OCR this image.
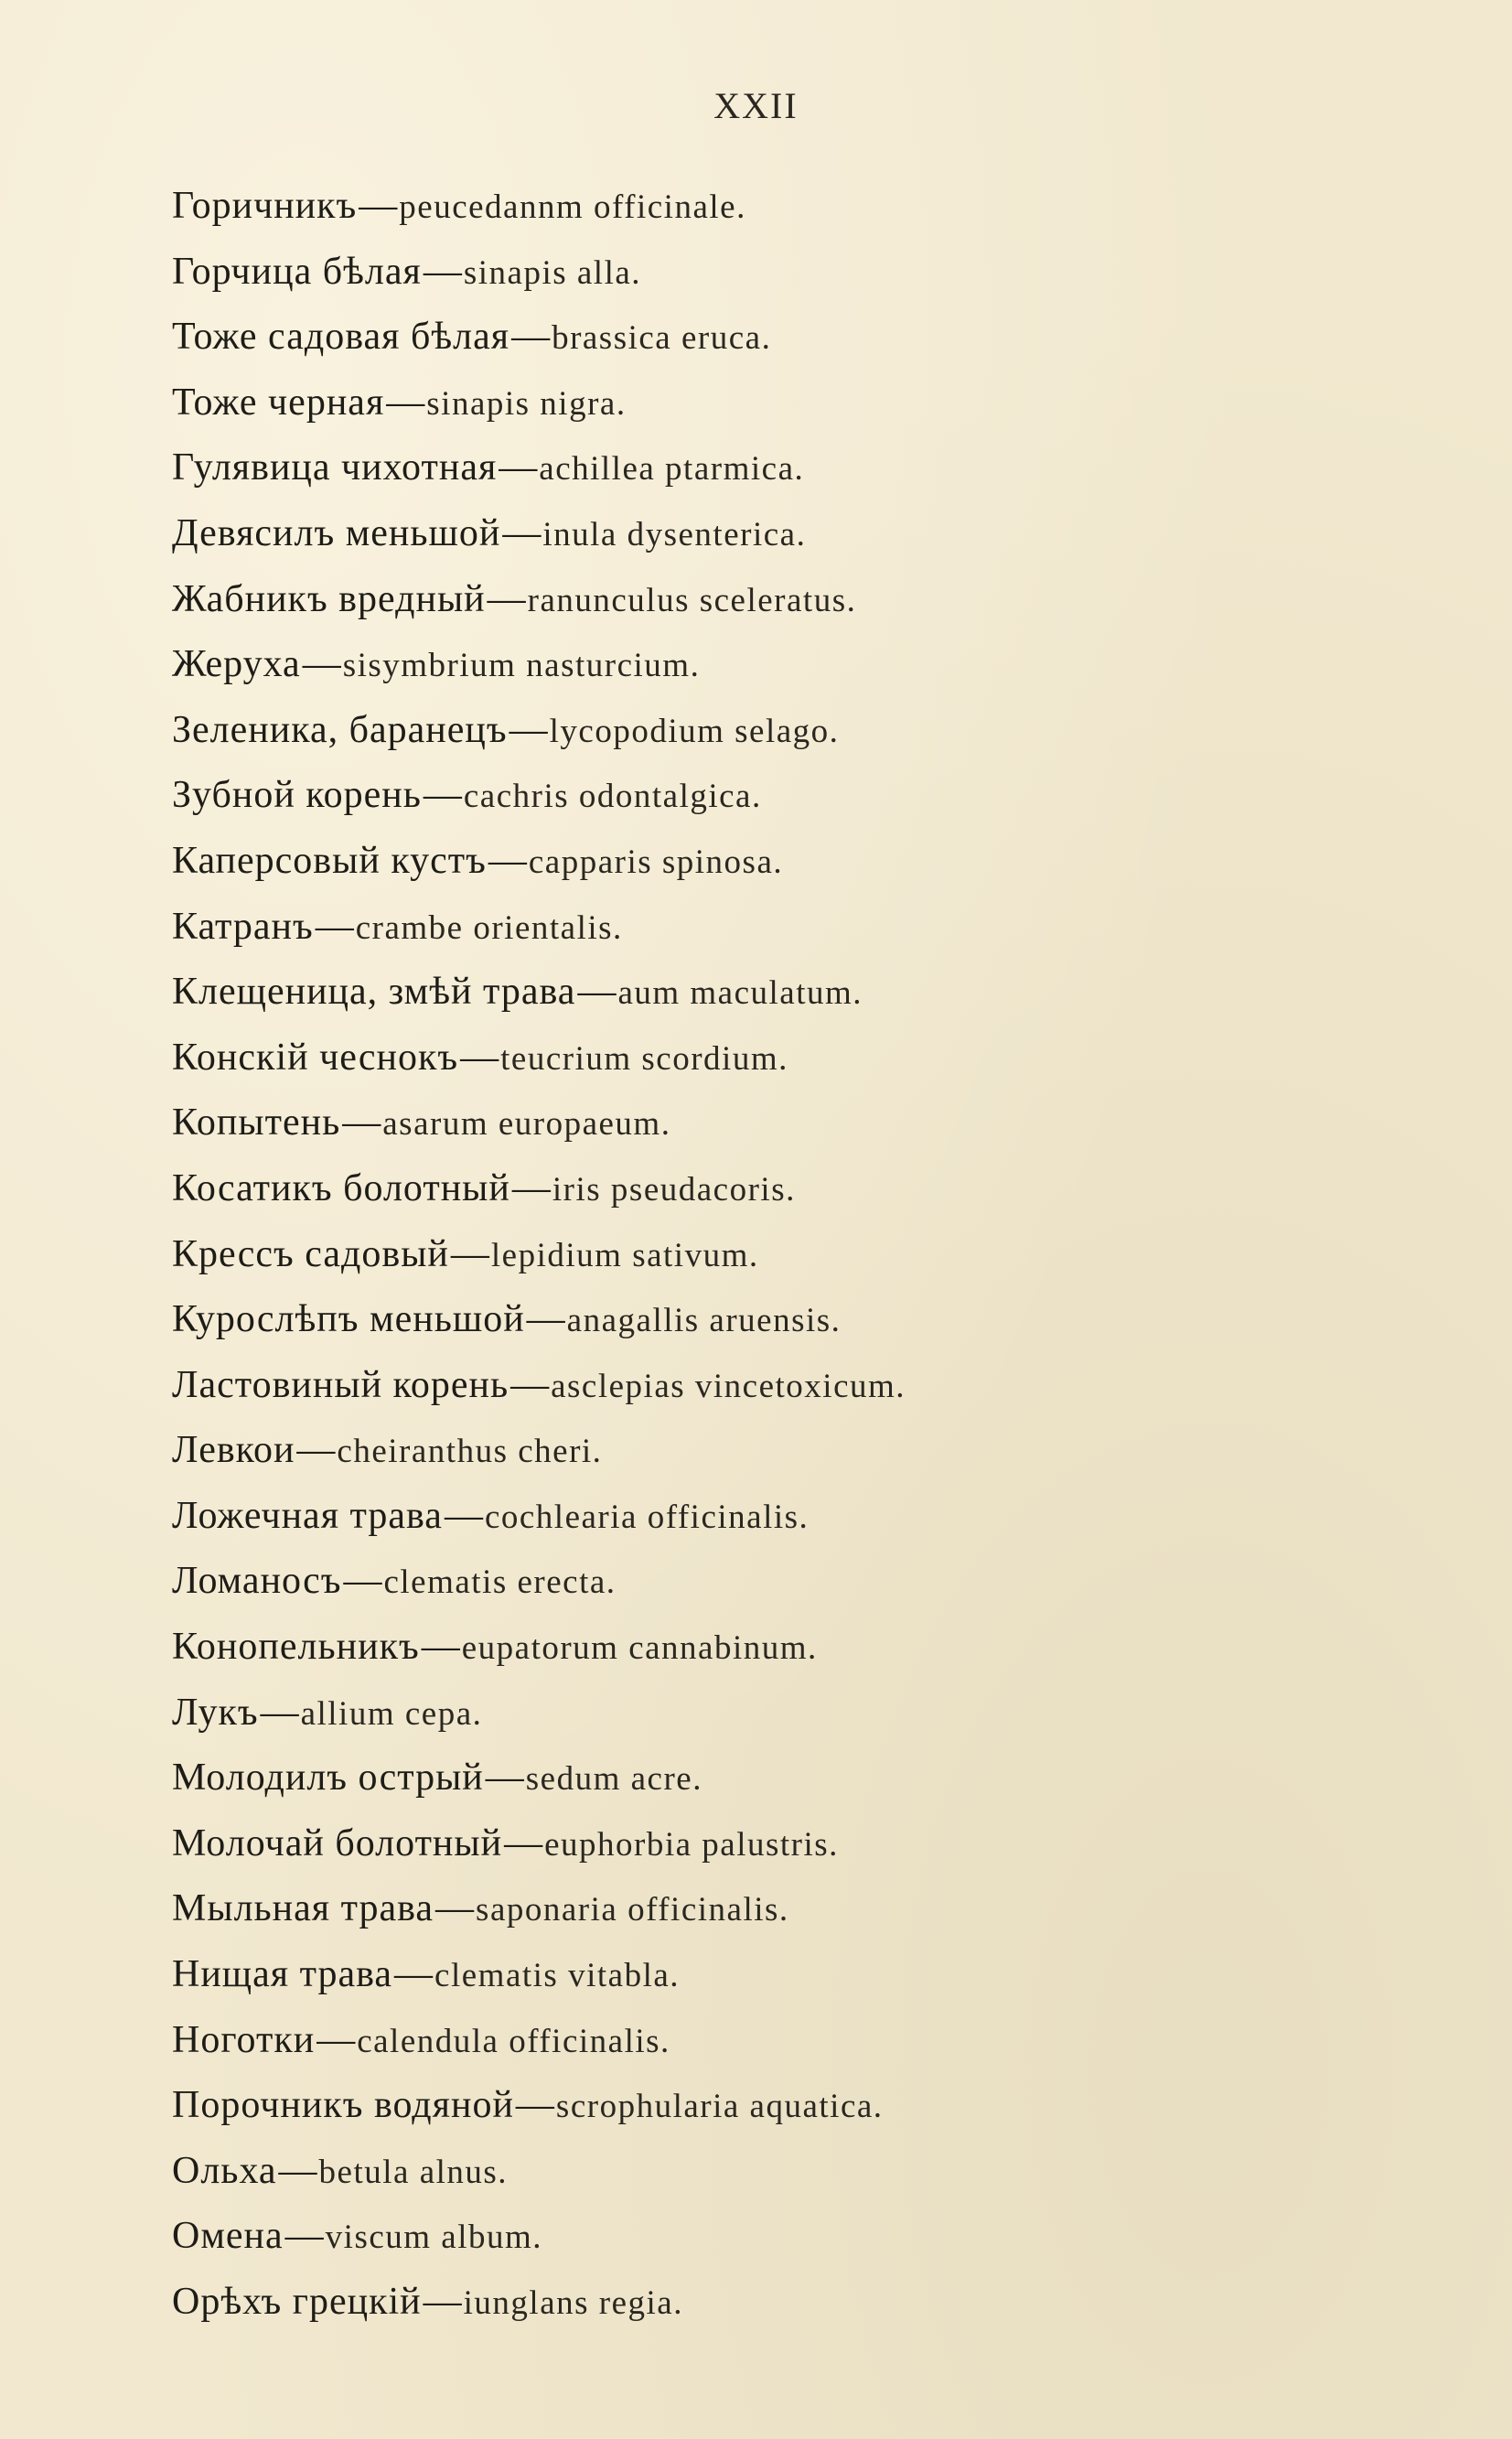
XXII
Горичникъ—peucedannm officinale.
Горчица бѣлая—sinapis alla.
Тоже садовая бѣлая—brassica eruca.
Тоже черная—sinapis nigra.
Гулявица чихотная—achillea ptarmica.
Девясилъ меньшой—inula dysenterica.
Жабникъ вредный—ranunculus sceleratus.
Жеруха—sisymbrium nasturcium.
Зеленика, баранецъ—lycopodium selago.
Зубной корень—cachris odontalgica.
Каперсовый кустъ—capparis spinosa.
Катранъ—crambe orientalis.
Клещеница, змѣй трава—aum maculatum.
Конскій чеснокъ—teucrium scordium.
Копытень—asarum europaeum.
Косатикъ болотный—iris pseudacoris.
Крессъ садовый—lepidium sativum.
Курослѣпъ меньшой—anagallis aruensis.
Ластовиный корень—asclepias vincetoxicum.
Левкои—cheiranthus cheri.
Ложечная трава—cochlearia officinalis.
Ломаносъ—clematis erecta.
Конопельникъ—eupatorum cannabinum.
Лукъ—allium cepa.
Молодилъ острый—sedum acre.
Молочай болотный—euphorbia palustris.
Мыльная трава—saponaria officinalis.
Нищая трава—clematis vitabla.
Ноготки—calendula officinalis.
Порочникъ водяной—scrophularia aquatica.
Ольха—betula alnus.
Омена—viscum album.
Орѣхъ грецкій—iunglans regia.
